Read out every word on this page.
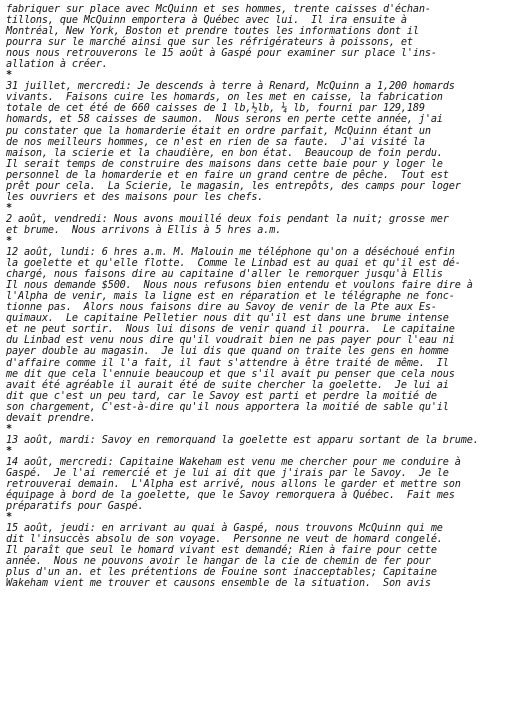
fabriquer sur place avec McQuinn et ses hommes, trente caisses d'échan-
tillons, que McQuinn emportera à Québec avec lui.  Il ira ensuite à
Montréal, New York, Boston et prendre toutes les informations dont il
pourra sur le marché ainsi que sur les réfrigérateurs à poissons, et
nous nous retrouverons le 15 août à Gaspé pour examiner sur place l'ins-
allation à créer.
*
31 juillet, mercredi: Je descends à terre à Renard, McQuinn a 1,200 homards
vivants.  Faisons cuire les homards, on les met en caisse, la fabrication
totale de cet été de 660 caisses de 1 lb,½lb, ¼ lb, fourni par 129,189
homards, et 58 caisses de saumon.  Nous serons en perte cette année, j'ai
pu constater que la homarderie était en ordre parfait, McQuinn étant un
de nos meilleurs hommes, ce n'est en rien de sa faute.  J'ai visité la
maison, la scierie et la chaudière, en bon état.  Beaucoup de foin perdu.
Il serait temps de construire des maisons dans cette baie pour y loger le
personnel de la homarderie et en faire un grand centre de pêche.  Tout est
prêt pour cela.  La Scierie, le magasin, les entrepôts, des camps pour loger
les ouvriers et des maisons pour les chefs.
*
2 août, vendredi: Nous avons mouillé deux fois pendant la nuit; grosse mer
et brume.  Nous arrivons à Ellis à 5 hres a.m.
*
12 août, lundi: 6 hres a.m. M. Malouin me téléphone qu'on a déséchoué enfin
la goelette et qu'elle flotte.  Comme le Linbad est au quai et qu'il est dé-
chargé, nous faisons dire au capitaine d'aller le remorquer jusqu'à Ellis
Il nous demande $500.  Nous nous refusons bien entendu et voulons faire dire à
l'Alpha de venir, mais la ligne est en réparation et le télégraphe ne fonc-
tionne pas.  Alors nous faisons dire au Savoy de venir de la Pte aux Es-
quimaux.  Le capitaine Pelletier nous dit qu'il est dans une brume intense
et ne peut sortir.  Nous lui disons de venir quand il pourra.  Le capitaine
du Linbad est venu nous dire qu'il voudrait bien ne pas payer pour l'eau ni
payer double au magasin.  Je lui dis que quand on traite les gens en homme
d'affaire comme il l'a fait, il faut s'attendre à être traité de même.  Il
me dit que cela l'ennuie beaucoup et que s'il avait pu penser que cela nous
avait été agréable il aurait été de suite chercher la goelette.  Je lui ai
dit que c'est un peu tard, car le Savoy est parti et perdre la moitié de
son chargement, C'est-à-dire qu'il nous apportera la moitié de sable qu'il
devait prendre.
*
13 août, mardi: Savoy en remorquand la goelette est apparu sortant de la brume.
*
14 août, mercredi: Capitaine Wakeham est venu me chercher pour me conduire à
Gaspé.  Je l'ai remercié et je lui ai dit que j'irais par le Savoy.  Je le
retrouverai demain.  L'Alpha est arrivé, nous allons le garder et mettre son
équipage à bord de la goelette, que le Savoy remorquera à Québec.  Fait mes
préparatifs pour Gaspé.
*
15 août, jeudi: en arrivant au quai à Gaspé, nous trouvons McQuinn qui me
dit l'insuccès absolu de son voyage.  Personne ne veut de homard congelé.
Il paraît que seul le homard vivant est demandé; Rien à faire pour cette
année.  Nous ne pouvons avoir le hangar de la cie de chemin de fer pour
plus d'un an. et les prétentions de Fouine sont inacceptables; Capitaine
Wakeham vient me trouver et causons ensemble de la situation.  Son avis
